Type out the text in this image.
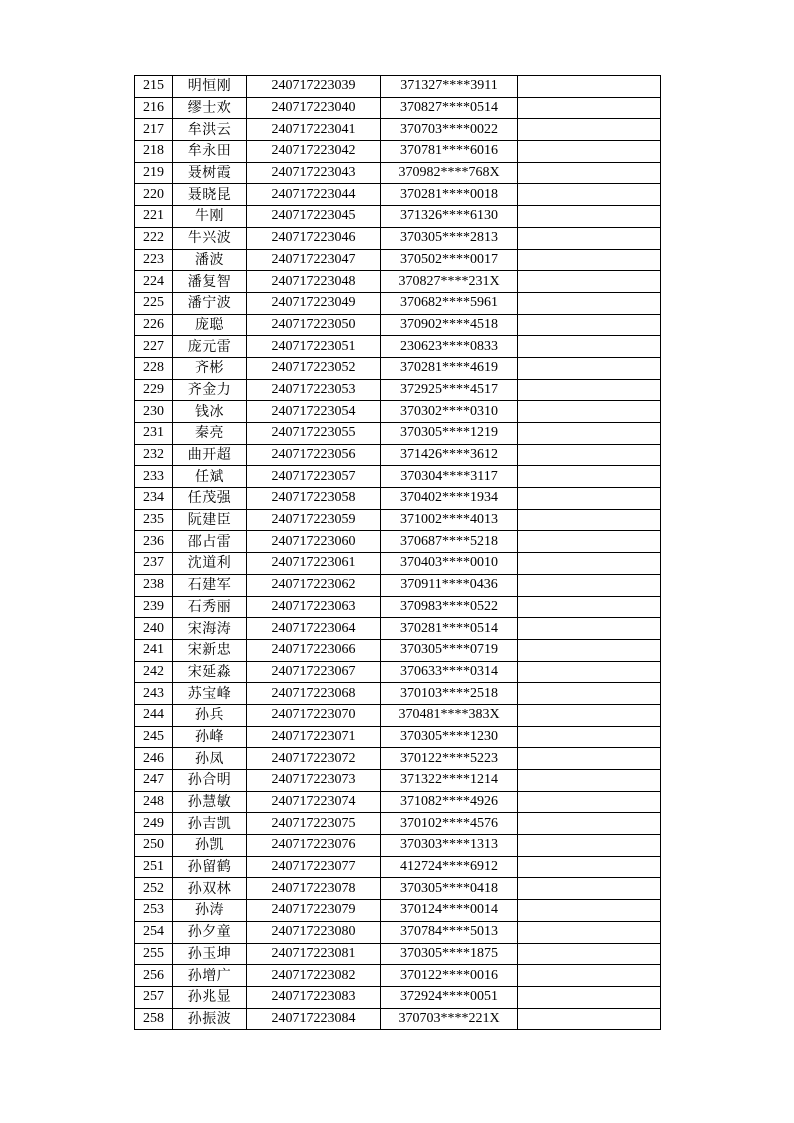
215	明恒刚	240717223039	371327****3911	
216	缪士欢	240717223040	370827****0514	
217	牟洪云	240717223041	370703****0022	
218	牟永田	240717223042	370781****6016	
219	聂树霞	240717223043	370982****768X	
220	聂晓昆	240717223044	370281****0018	
221	牛刚	240717223045	371326****6130	
222	牛兴波	240717223046	370305****2813	
223	潘波	240717223047	370502****0017	
224	潘复智	240717223048	370827****231X	
225	潘宁波	240717223049	370682****5961	
226	庞聪	240717223050	370902****4518	
227	庞元雷	240717223051	230623****0833	
228	齐彬	240717223052	370281****4619	
229	齐金力	240717223053	372925****4517	
230	钱冰	240717223054	370302****0310	
231	秦亮	240717223055	370305****1219	
232	曲开超	240717223056	371426****3612	
233	任斌	240717223057	370304****3117	
234	任茂强	240717223058	370402****1934	
235	阮建臣	240717223059	371002****4013	
236	邵占雷	240717223060	370687****5218	
237	沈道利	240717223061	370403****0010	
238	石建军	240717223062	370911****0436	
239	石秀丽	240717223063	370983****0522	
240	宋海涛	240717223064	370281****0514	
241	宋新忠	240717223066	370305****0719	
242	宋延淼	240717223067	370633****0314	
243	苏宝峰	240717223068	370103****2518	
244	孙兵	240717223070	370481****383X	
245	孙峰	240717223071	370305****1230	
246	孙凤	240717223072	370122****5223	
247	孙合明	240717223073	371322****1214	
248	孙慧敏	240717223074	371082****4926	
249	孙吉凯	240717223075	370102****4576	
250	孙凯	240717223076	370303****1313	
251	孙留鹤	240717223077	412724****6912	
252	孙双林	240717223078	370305****0418	
253	孙涛	240717223079	370124****0014	
254	孙夕童	240717223080	370784****5013	
255	孙玉坤	240717223081	370305****1875	
256	孙增广	240717223082	370122****0016	
257	孙兆显	240717223083	372924****0051	
258	孙振波	240717223084	370703****221X	
